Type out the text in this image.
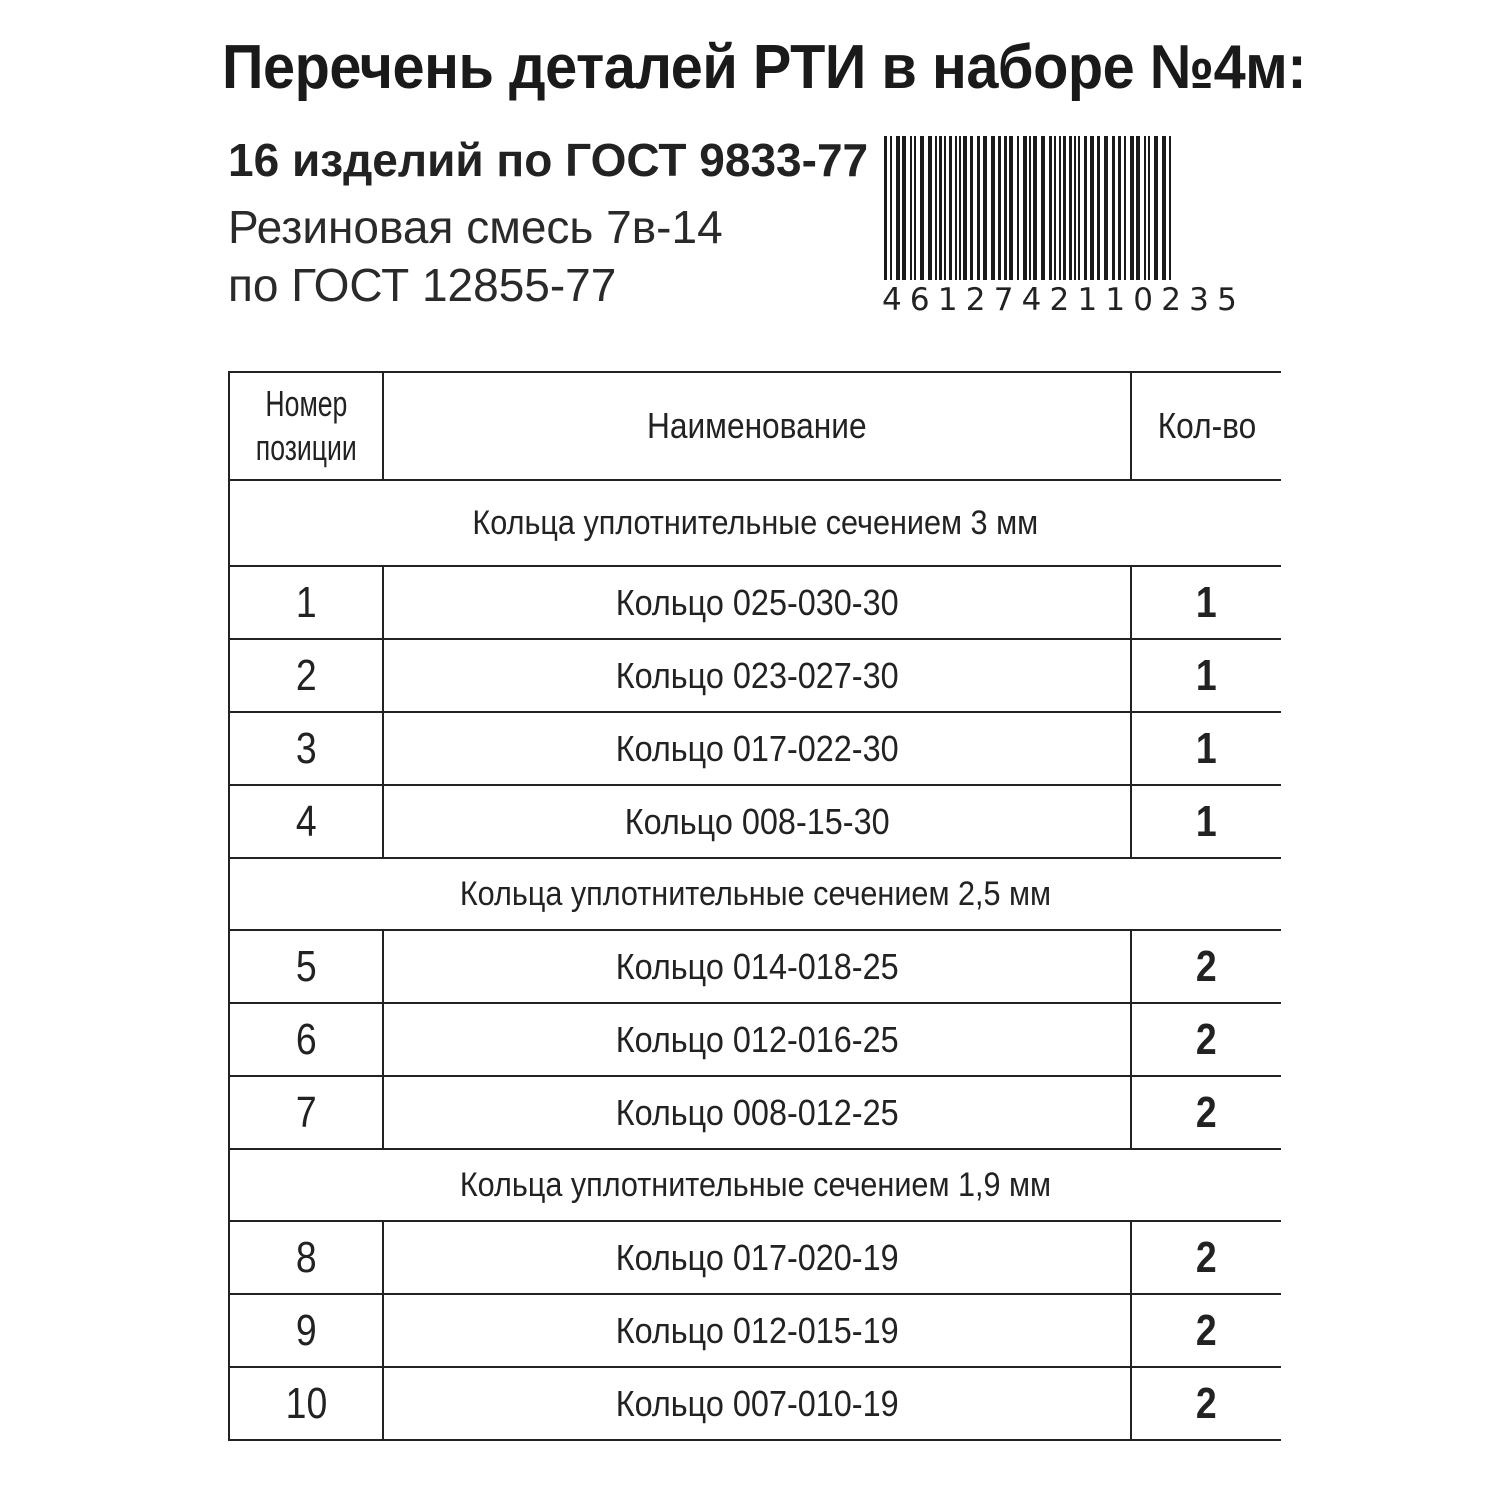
Перечень деталей РТИ в наборе №4м:
16 изделий по ГОСТ 9833-77
Резиновая смесь 7в-14
по ГОСТ 12855-77	4612742110235
Номер
позиции	Наименование	Кол-во
Кольца уплотнительные сечением 3 мм		
1	Кольцо 025-030-30	1
2	Кольцо 023-027-30	1
3	Кольцо 017-022-30	1
4	Кольцо 008-15-30	1
Кольца уплотнительные сечением 2,5 мм		
5	Кольцо 014-018-25	2
6	Кольцо 012-016-25	2
7	Кольцо 008-012-25	2
Кольца уплотнительные сечением 1,9 мм		
8	Кольцо 017-020-19	2
9	Кольцо 012-015-19	2
10	Кольцо 007-010-19	2
